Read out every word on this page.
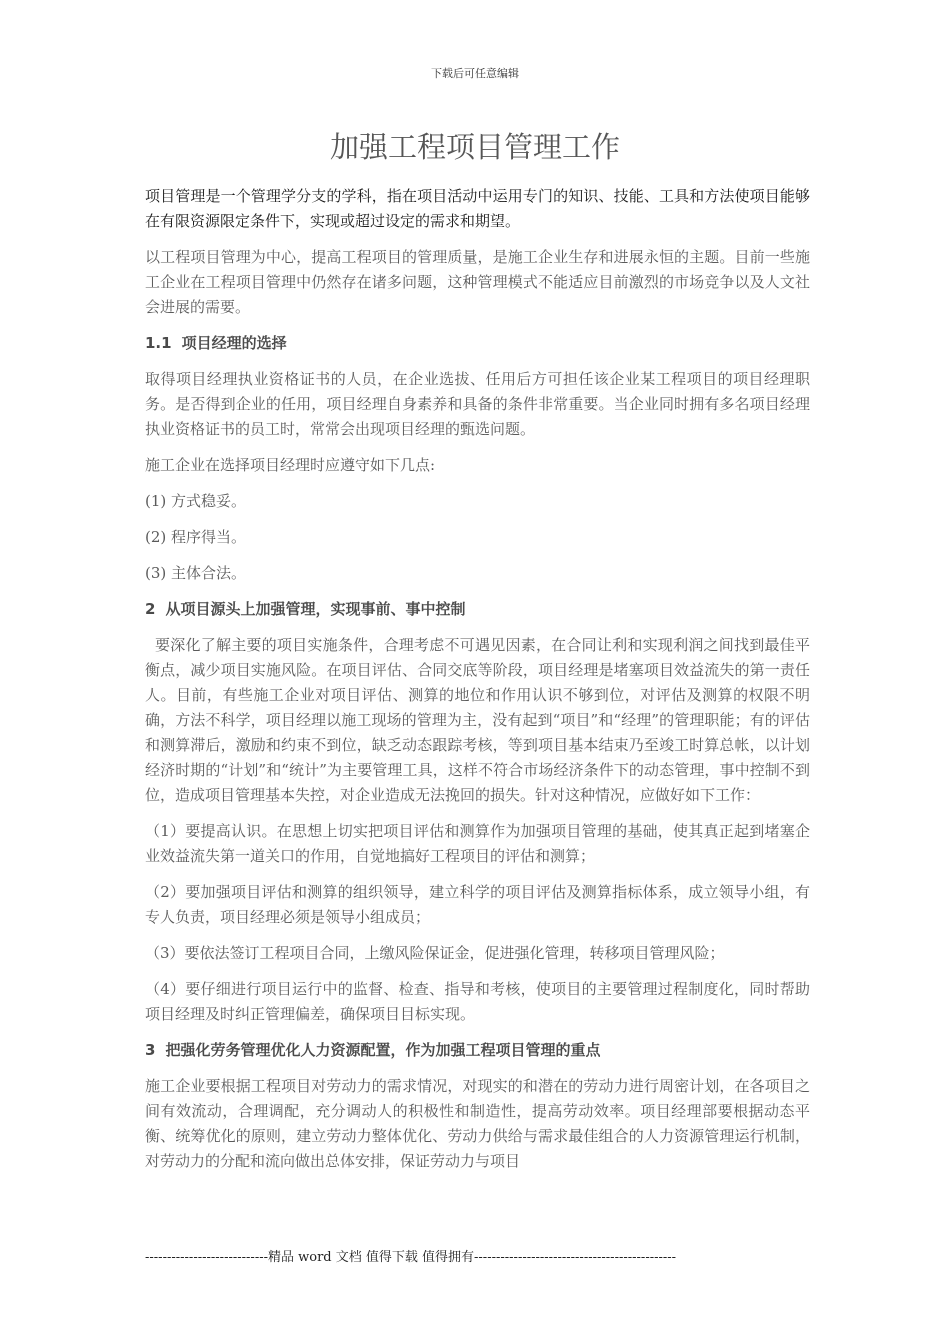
下载后可任意编辑
加强工程项目管理工作

项目管理是一个管理学分支的学科，指在项目活动中运用专门的知识、技能、工具和方法使项目能够在有限资源限定条件下，实现或超过设定的需求和期望。

以工程项目管理为中心，提高工程项目的管理质量，是施工企业生存和进展永恒的主题。目前一些施工企业在工程项目管理中仍然存在诸多问题，这种管理模式不能适应目前激烈的市场竞争以及人文社会进展的需要。

1.1 项目经理的选择

取得项目经理执业资格证书的人员，在企业选拔、任用后方可担任该企业某工程项目的项目经理职务。是否得到企业的任用，项目经理自身素养和具备的条件非常重要。当企业同时拥有多名项目经理执业资格证书的员工时，常常会出现项目经理的甄选问题。

施工企业在选择项目经理时应遵守如下几点:

(1) 方式稳妥。

(2) 程序得当。

(3) 主体合法。

2 从项目源头上加强管理，实现事前、事中控制

要深化了解主要的项目实施条件，合理考虑不可遇见因素，在合同让利和实现利润之间找到最佳平衡点，减少项目实施风险。在项目评估、合同交底等阶段，项目经理是堵塞项目效益流失的第一责任人。目前，有些施工企业对项目评估、测算的地位和作用认识不够到位，对评估及测算的权限不明确，方法不科学，项目经理以施工现场的管理为主，没有起到“项目”和“经理”的管理职能；有的评估和测算滞后，激励和约束不到位，缺乏动态跟踪考核，等到项目基本结束乃至竣工时算总帐，以计划经济时期的“计划”和“统计”为主要管理工具，这样不符合市场经济条件下的动态管理，事中控制不到位，造成项目管理基本失控，对企业造成无法挽回的损失。针对这种情况，应做好如下工作：

（1）要提高认识。在思想上切实把项目评估和测算作为加强项目管理的基础，使其真正起到堵塞企业效益流失第一道关口的作用，自觉地搞好工程项目的评估和测算；

（2）要加强项目评估和测算的组织领导，建立科学的项目评估及测算指标体系，成立领导小组，有专人负责，项目经理必须是领导小组成员；

（3）要依法签订工程项目合同，上缴风险保证金，促进强化管理，转移项目管理风险；

（4）要仔细进行项目运行中的监督、检查、指导和考核，使项目的主要管理过程制度化，同时帮助项目经理及时纠正管理偏差，确保项目目标实现。

3 把强化劳务管理优化人力资源配置，作为加强工程项目管理的重点

施工企业要根据工程项目对劳动力的需求情况，对现实的和潜在的劳动力进行周密计划，在各项目之间有效流动，合理调配，充分调动人的积极性和制造性，提高劳动效率。项目经理部要根据动态平衡、统筹优化的原则，建立劳动力整体优化、劳动力供给与需求最佳组合的人力资源管理运行机制，对劳动力的分配和流向做出总体安排，保证劳动力与项目

----------------------------精品 word 文档 值得下载 值得拥有----------------------------------------------
